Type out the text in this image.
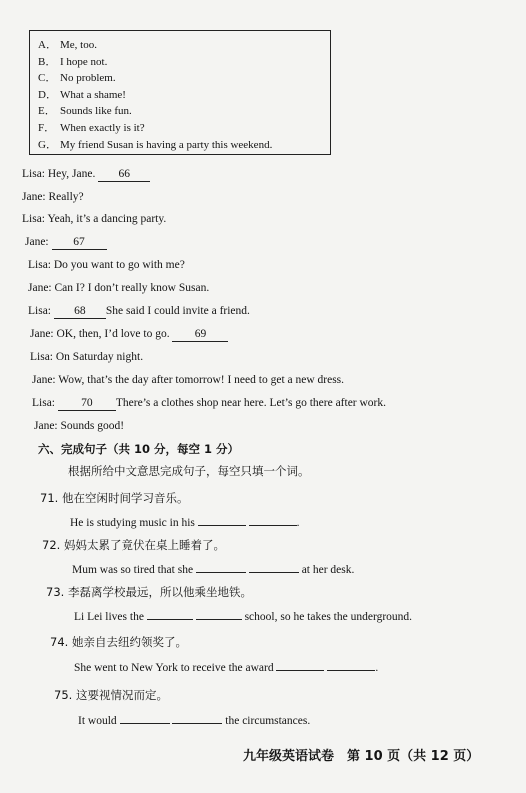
A． Me, too.
B． I hope not.
C． No problem.
D． What a shame!
E． Sounds like fun.
F． When exactly is it?
G． My friend Susan is having a party this weekend.
Lisa: Hey, Jane. 66
Jane: Really?
Lisa: Yeah, it’s a dancing party.
Jane: 67
Lisa: Do you want to go with me?
Jane: Can I? I don’t really know Susan.
Lisa: 68 She said I could invite a friend.
Jane: OK, then, I’d love to go. 69
Lisa: On Saturday night.
Jane: Wow, that’s the day after tomorrow! I need to get a new dress.
Lisa: 70 There’s a clothes shop near here. Let’s go there after work.
Jane: Sounds good!
六、完成句子（共 10 分，每空 1 分）
根据所给中文意思完成句子，每空只填一个词。
71. 他在空闲时间学习音乐。
He is studying music in his	.
72. 妈妈太累了竟伏在桌上睡着了。
Mum was so tired that she	at her desk.
73. 李磊离学校最远，所以他乘坐地铁。
Li Lei lives the	school, so he takes the underground.
74. 她亲自去纽约领奖了。
She went to New York to receive the award	.
75. 这要视情况而定。
It would	the circumstances.
九年级英语试卷　第 10 页（共 12 页）
